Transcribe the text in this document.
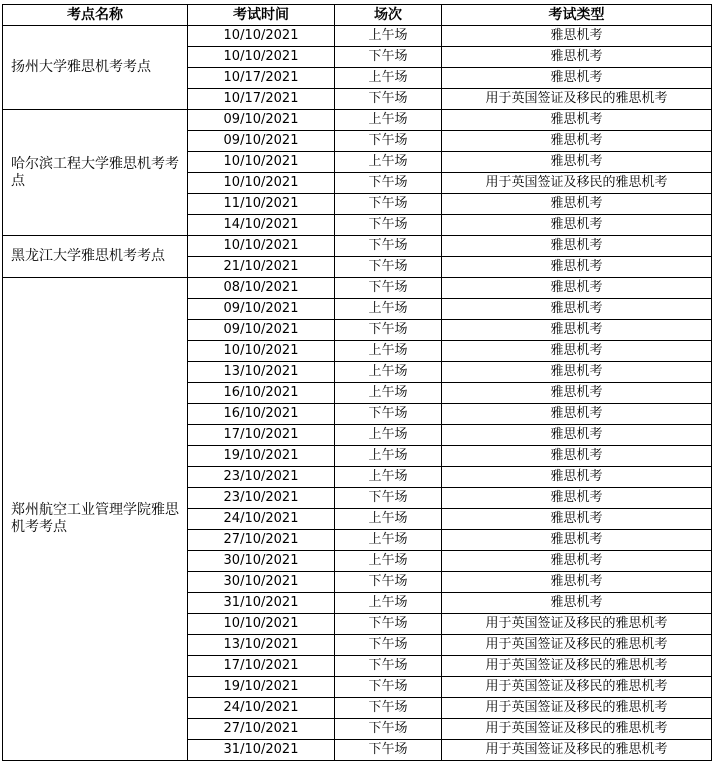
考点名称	考试时间	场次	考试类型
扬州大学雅思机考考点	10/10/2021	上午场	雅思机考
	10/10/2021	下午场	雅思机考
	10/17/2021	上午场	雅思机考
	10/17/2021	下午场	用于英国签证及移民的雅思机考
哈尔滨工程大学雅思机考考点	09/10/2021	上午场	雅思机考
	09/10/2021	下午场	雅思机考
	10/10/2021	上午场	雅思机考
	10/10/2021	下午场	用于英国签证及移民的雅思机考
	11/10/2021	下午场	雅思机考
	14/10/2021	下午场	雅思机考
黑龙江大学雅思机考考点	10/10/2021	下午场	雅思机考
	21/10/2021	下午场	雅思机考
郑州航空工业管理学院雅思机考考点	08/10/2021	下午场	雅思机考
	09/10/2021	上午场	雅思机考
	09/10/2021	下午场	雅思机考
	10/10/2021	上午场	雅思机考
	13/10/2021	上午场	雅思机考
	16/10/2021	上午场	雅思机考
	16/10/2021	下午场	雅思机考
	17/10/2021	上午场	雅思机考
	19/10/2021	上午场	雅思机考
	23/10/2021	上午场	雅思机考
	23/10/2021	下午场	雅思机考
	24/10/2021	上午场	雅思机考
	27/10/2021	上午场	雅思机考
	30/10/2021	上午场	雅思机考
	30/10/2021	下午场	雅思机考
	31/10/2021	上午场	雅思机考
	10/10/2021	下午场	用于英国签证及移民的雅思机考
	13/10/2021	下午场	用于英国签证及移民的雅思机考
	17/10/2021	下午场	用于英国签证及移民的雅思机考
	19/10/2021	下午场	用于英国签证及移民的雅思机考
	24/10/2021	下午场	用于英国签证及移民的雅思机考
	27/10/2021	下午场	用于英国签证及移民的雅思机考
	31/10/2021	下午场	用于英国签证及移民的雅思机考
